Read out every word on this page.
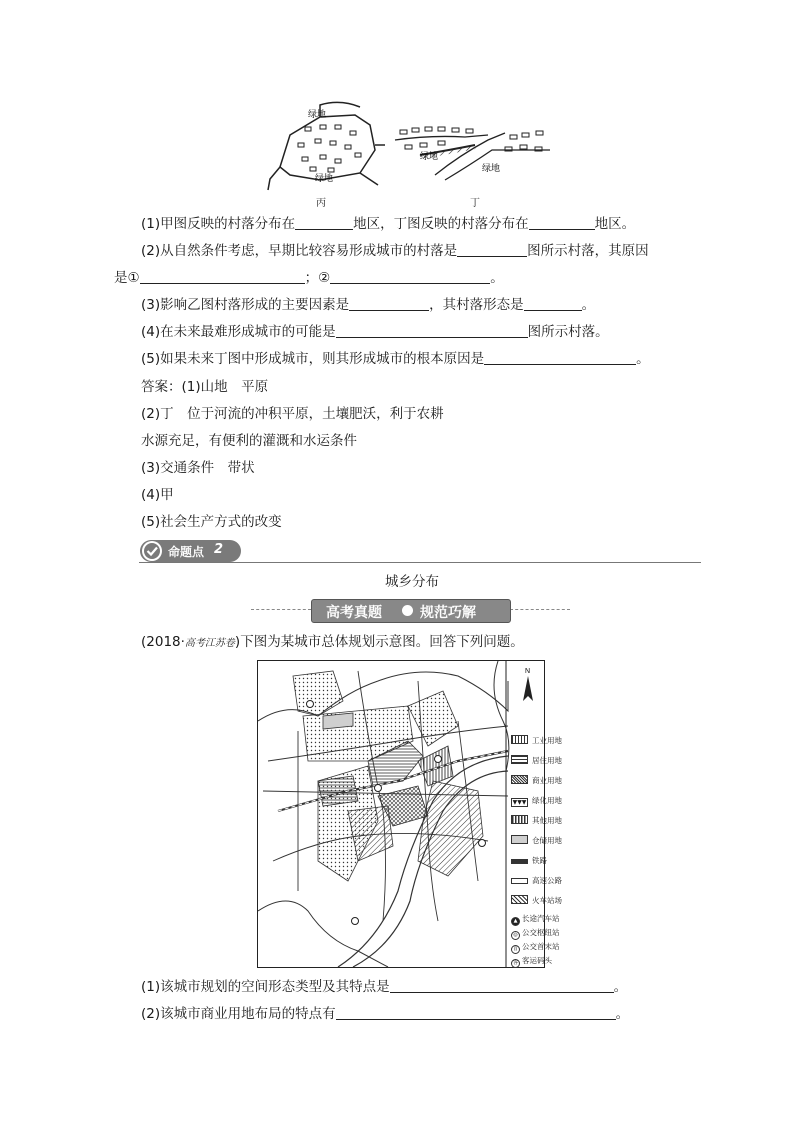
绿地
绿地
绿地
绿地
丙	丁
(1)甲图反映的村落分布在	地区，丁图反映的村落分布在	地区。
(2)从自然条件考虑，早期比较容易形成城市的村落是	图所示村落，其原因
是①	；②	。
(3)影响乙图村落形成的主要因素是	，其村落形态是	。
(4)在未来最难形成城市的可能是	图所示村落。
(5)如果未来丁图中形成城市，则其形成城市的根本原因是	。
答案：(1)山地　平原
(2)丁　位于河流的冲积平原，土壤肥沃，利于农耕
水源充足，有便利的灌溉和水运条件
(3)交通条件　带状
(4)甲
(5)社会生产方式的改变
命题点 2
城乡分布
高考真题	规范巧解
(2018·高考江苏卷)下图为某城市总体规划示意图。回答下列问题。
N
工业用地
居住用地
商业用地
▼▼▼ 绿化用地
其他用地
仓储用地
铁路
高速公路
火车站场
▲ 长途汽车站
◎ 公交枢纽站
首 公交首末站
客 客运码头
(1)该城市规划的空间形态类型及其特点是	。
(2)该城市商业用地布局的特点有	。
